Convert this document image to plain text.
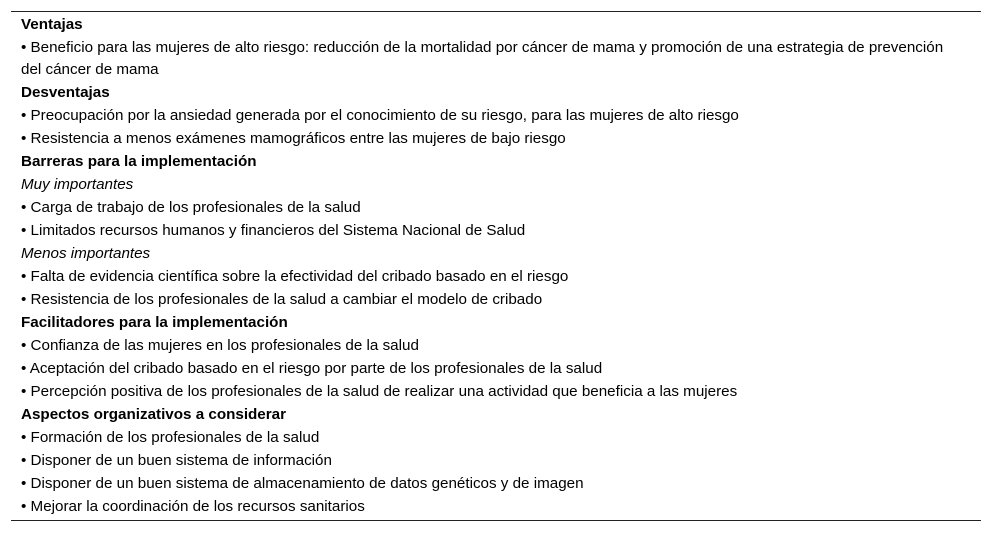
Ventajas
• Beneficio para las mujeres de alto riesgo: reducción de la mortalidad por cáncer de mama y promoción de una estrategia de prevención del cáncer de mama
Desventajas
• Preocupación por la ansiedad generada por el conocimiento de su riesgo, para las mujeres de alto riesgo
• Resistencia a menos exámenes mamográficos entre las mujeres de bajo riesgo
Barreras para la implementación
Muy importantes
• Carga de trabajo de los profesionales de la salud
• Limitados recursos humanos y financieros del Sistema Nacional de Salud
Menos importantes
• Falta de evidencia científica sobre la efectividad del cribado basado en el riesgo
• Resistencia de los profesionales de la salud a cambiar el modelo de cribado
Facilitadores para la implementación
• Confianza de las mujeres en los profesionales de la salud
• Aceptación del cribado basado en el riesgo por parte de los profesionales de la salud
• Percepción positiva de los profesionales de la salud de realizar una actividad que beneficia a las mujeres
Aspectos organizativos a considerar
• Formación de los profesionales de la salud
• Disponer de un buen sistema de información
• Disponer de un buen sistema de almacenamiento de datos genéticos y de imagen
• Mejorar la coordinación de los recursos sanitarios
